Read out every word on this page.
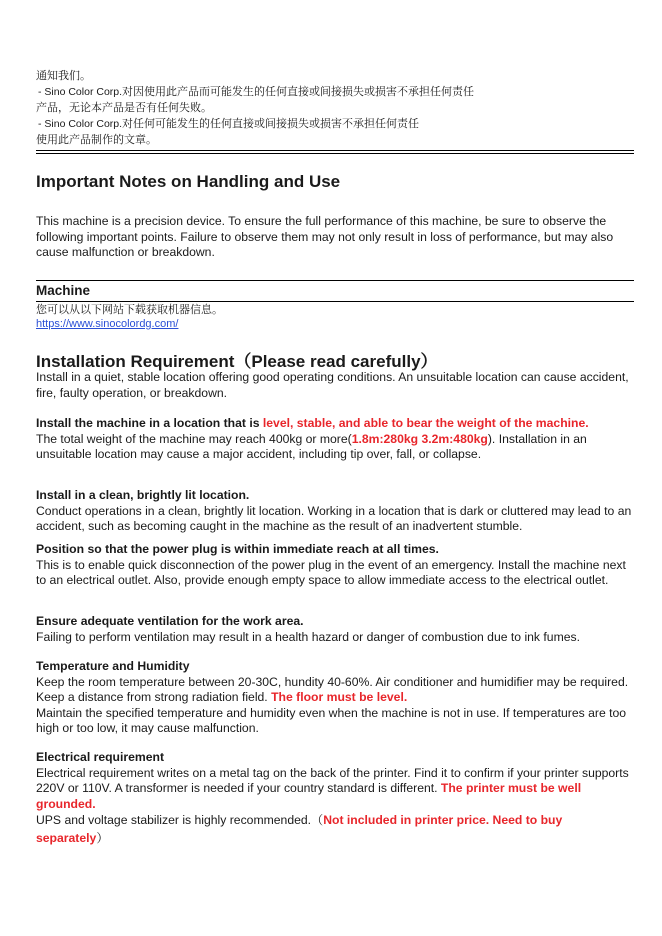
通知我们。
- Sino Color Corp.对因使用此产品而可能发生的任何直接或间接损失或损害不承担任何责任
产品，无论本产品是否有任何失败。
- Sino Color Corp.对任何可能发生的任何直接或间接损失或损害不承担任何责任
使用此产品制作的文章。
Important Notes on Handling and Use
This machine is a precision device. To ensure the full performance of this machine, be sure to observe the following important points. Failure to observe them may not only result in loss of performance, but may also cause malfunction or breakdown.
Machine
您可以从以下网站下载获取机器信息。
https://www.sinocolordg.com/
Installation Requirement（Please read carefully）
Install in a quiet, stable location offering good operating conditions. An unsuitable location can cause accident, fire, faulty operation, or breakdown.
Install the machine in a location that is level, stable, and able to bear the weight of the machine.
The total weight of the machine may reach 400kg or more(1.8m:280kg 3.2m:480kg). Installation in an unsuitable location may cause a major accident, including tip over, fall, or collapse.
Install in a clean, brightly lit location.
Conduct operations in a clean, brightly lit location. Working in a location that is dark or cluttered may lead to an accident, such as becoming caught in the machine as the result of an inadvertent stumble.
Position so that the power plug is within immediate reach at all times.
This is to enable quick disconnection of the power plug in the event of an emergency. Install the machine next to an electrical outlet. Also, provide enough empty space to allow immediate access to the electrical outlet.
Ensure adequate ventilation for the work area.
Failing to perform ventilation may result in a health hazard or danger of combustion due to ink fumes.
Temperature and Humidity
Keep the room temperature between 20-30C, hundity 40-60%. Air conditioner and humidifier may be required. Keep a distance from strong radiation field. The floor must be level.
Maintain the specified temperature and humidity even when the machine is not in use. If temperatures are too high or too low, it may cause malfunction.
Electrical requirement
Electrical requirement writes on a metal tag on the back of the printer. Find it to confirm if your printer supports 220V or 110V. A transformer is needed if your country standard is different. The printer must be well grounded.
UPS and voltage stabilizer is highly recommended.（Not included in printer price. Need to buy separately）
